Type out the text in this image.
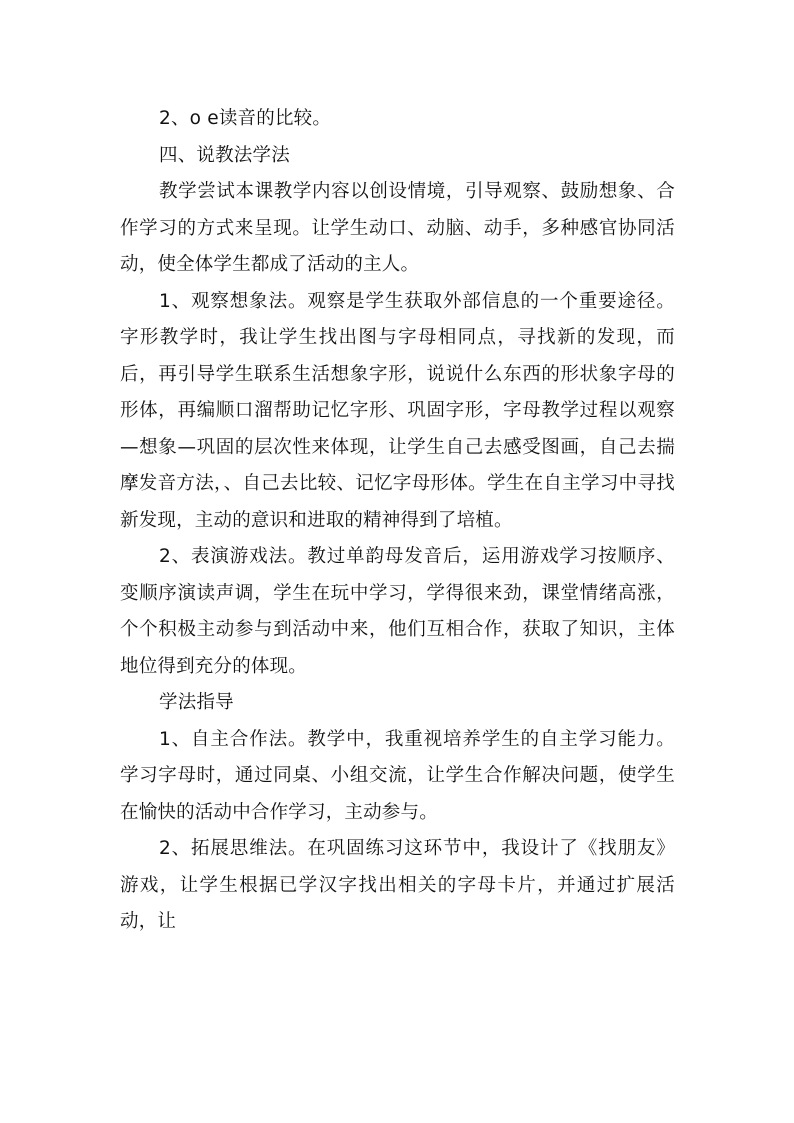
2、o e读音的比较。

四、说教法学法

教学尝试本课教学内容以创设情境，引导观察、鼓励想象、合作学习的方式来呈现。让学生动口、动脑、动手，多种感官协同活动，使全体学生都成了活动的主人。

1、观察想象法。观察是学生获取外部信息的一个重要途径。字形教学时，我让学生找出图与字母相同点，寻找新的发现，而后，再引导学生联系生活想象字形，说说什么东西的形状象字母的形体，再编顺口溜帮助记忆字形、巩固字形，字母教学过程以观察—想象—巩固的层次性来体现，让学生自己去感受图画，自己去揣摩发音方法，、自己去比较、记忆字母形体。学生在自主学习中寻找新发现，主动的意识和进取的精神得到了培植。

2、表演游戏法。教过单韵母发音后，运用游戏学习按顺序、变顺序演读声调，学生在玩中学习，学得很来劲，课堂情绪高涨，个个积极主动参与到活动中来，他们互相合作，获取了知识，主体地位得到充分的体现。

学法指导

1、自主合作法。教学中，我重视培养学生的自主学习能力。学习字母时，通过同桌、小组交流，让学生合作解决问题，使学生在愉快的活动中合作学习，主动参与。

2、拓展思维法。在巩固练习这环节中，我设计了《找朋友》游戏，让学生根据已学汉字找出相关的字母卡片，并通过扩展活动，让
